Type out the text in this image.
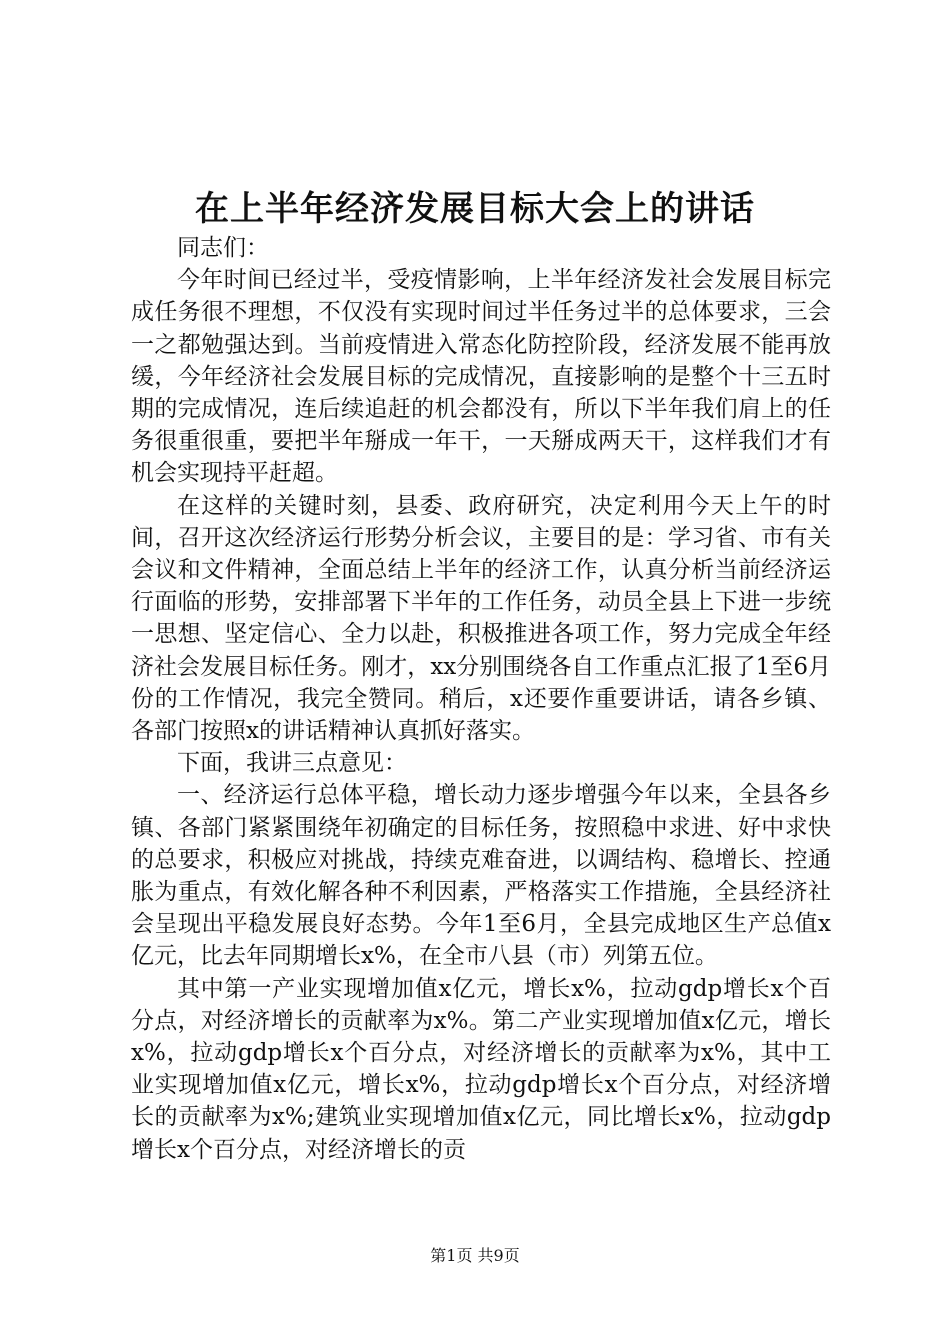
在上半年经济发展目标大会上的讲话

同志们：

今年时间已经过半，受疫情影响，上半年经济发社会发展目标完成任务很不理想，不仅没有实现时间过半任务过半的总体要求，三会一之都勉强达到。当前疫情进入常态化防控阶段，经济发展不能再放缓，今年经济社会发展目标的完成情况，直接影响的是整个十三五时期的完成情况，连后续追赶的机会都没有，所以下半年我们肩上的任务很重很重，要把半年掰成一年干，一天掰成两天干，这样我们才有机会实现持平赶超。

在这样的关键时刻，县委、政府研究，决定利用今天上午的时间，召开这次经济运行形势分析会议，主要目的是：学习省、市有关会议和文件精神，全面总结上半年的经济工作，认真分析当前经济运行面临的形势，安排部署下半年的工作任务，动员全县上下进一步统一思想、坚定信心、全力以赴，积极推进各项工作，努力完成全年经济社会发展目标任务。刚才，xx分别围绕各自工作重点汇报了1至6月份的工作情况，我完全赞同。稍后，x还要作重要讲话，请各乡镇、各部门按照x的讲话精神认真抓好落实。

下面，我讲三点意见：

一、经济运行总体平稳，增长动力逐步增强今年以来，全县各乡镇、各部门紧紧围绕年初确定的目标任务，按照稳中求进、好中求快的总要求，积极应对挑战，持续克难奋进，以调结构、稳增长、控通胀为重点，有效化解各种不利因素，严格落实工作措施，全县经济社会呈现出平稳发展良好态势。今年1至6月，全县完成地区生产总值x亿元，比去年同期增长x%，在全市八县（市）列第五位。

其中第一产业实现增加值x亿元，增长x%，拉动gdp增长x个百分点，对经济增长的贡献率为x%。第二产业实现增加值x亿元，增长x%，拉动gdp增长x个百分点，对经济增长的贡献率为x%，其中工业实现增加值x亿元，增长x%，拉动gdp增长x个百分点，对经济增长的贡献率为x%;建筑业实现增加值x亿元，同比增长x%，拉动gdp增长x个百分点，对经济增长的贡

第1页 共9页
